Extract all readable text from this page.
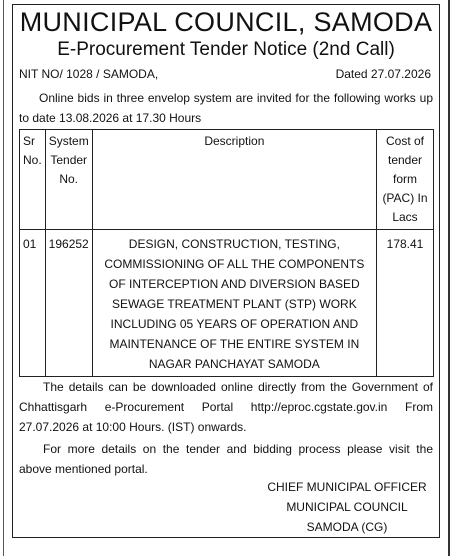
MUNICIPAL COUNCIL, SAMODA
E-Procurement Tender Notice (2nd Call)
NIT NO/ 1028 / SAMODA,	Dated 27.07.2026
Online bids in three envelop system are invited for the following works up to date 13.08.2026 at 17.30 Hours
Sr No.	System Tender No.	Description	Cost of tender form (PAC) In Lacs
01	196252	DESIGN, CONSTRUCTION, TESTING, COMMISSIONING OF ALL THE COMPONENTS OF INTERCEPTION AND DIVERSION BASED SEWAGE TREATMENT PLANT (STP) WORK INCLUDING 05 YEARS OF OPERATION AND MAINTENANCE OF THE ENTIRE SYSTEM IN NAGAR PANCHAYAT SAMODA	178.41
The details can be downloaded online directly from the Government of Chhattisgarh e-Procurement Portal http://eproc.cgstate.gov.in From 27.07.2026 at 10:00 Hours. (IST) onwards.
For more details on the tender and bidding process please visit the above mentioned portal.
CHIEF MUNICIPAL OFFICER
MUNICIPAL COUNCIL
SAMODA (CG)
